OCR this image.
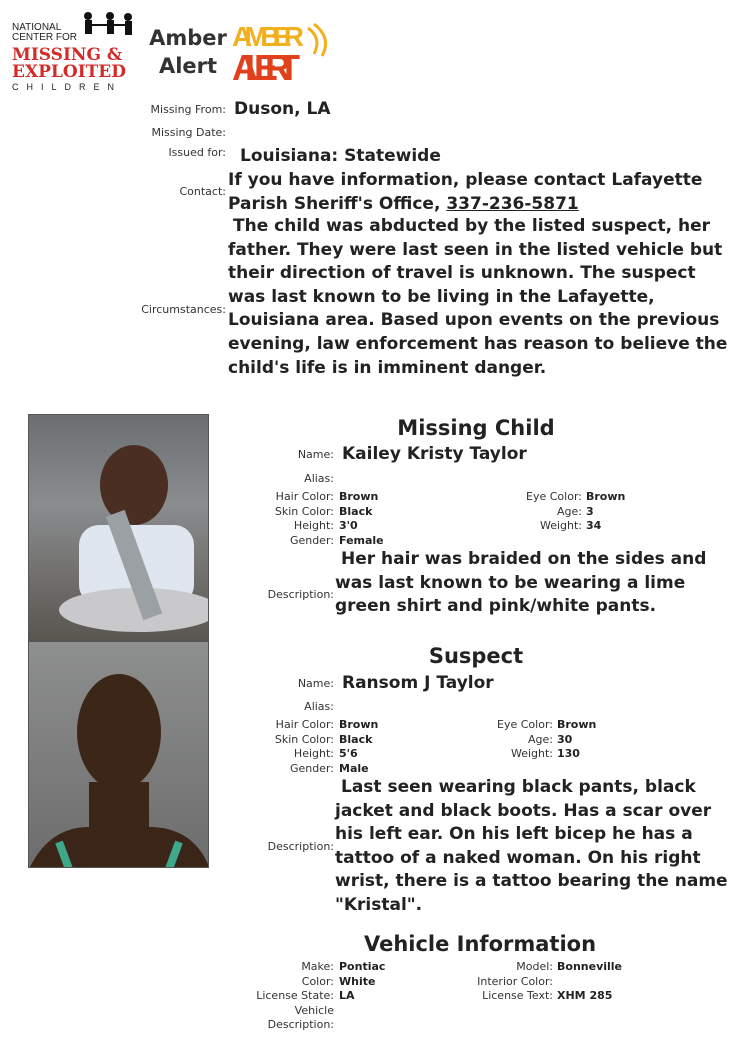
NATIONAL
CENTER FOR
MISSING &
EXPLOITED
CHILDREN
Amber
Alert
AMBER
ALERT
Missing From: Duson, LA
Missing Date:
Issued for: Louisiana: Statewide
Contact:
If you have information, please contact Lafayette Parish Sheriff's Office, 337-236-5871
Circumstances:
The child was abducted by the listed suspect, her father. They were last seen in the listed vehicle but their direction of travel is unknown. The suspect was last known to be living in the Lafayette, Louisiana area. Based upon events on the previous evening, law enforcement has reason to believe the child's life is in imminent danger.
Missing Child
Name: Kailey Kristy Taylor
Alias:
Hair Color:
Skin Color:
Height:
Gender:
Brown
Black
3'0
Female
Eye Color:
Age:
Weight:
Brown
3
34
Description:
Her hair was braided on the sides and was last known to be wearing a lime green shirt and pink/white pants.
Suspect
Name: Ransom J Taylor
Alias:
Hair Color:
Skin Color:
Height:
Gender:
Brown
Black
5'6
Male
Eye Color:
Age:
Weight:
Brown
30
130
Description:
Last seen wearing black pants, black jacket and black boots. Has a scar over his left ear. On his left bicep he has a tattoo of a naked woman. On his right wrist, there is a tattoo bearing the name "Kristal".
Vehicle Information
Make:
Color:
License State:
Vehicle
Description:
Pontiac
White
LA
Model:
Interior Color:
License Text:
Bonneville

XHM 285
